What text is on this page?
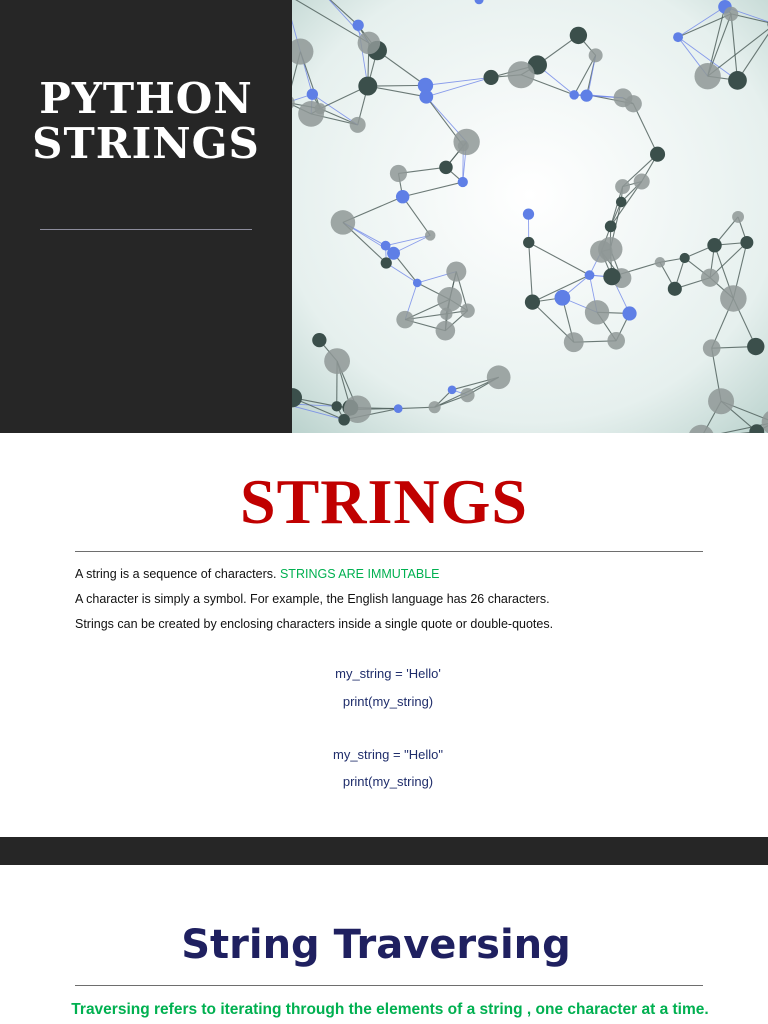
PYTHON STRINGS
STRINGS
A string is a sequence of characters. STRINGS ARE IMMUTABLE
A character is simply a symbol. For example, the English language has 26 characters.
Strings can be created by enclosing characters inside a single quote or double-quotes.
my_string = 'Hello'
print(my_string)
my_string = "Hello"
print(my_string)
String Traversing
Traversing refers to iterating through the elements of a string , one character at a time.
